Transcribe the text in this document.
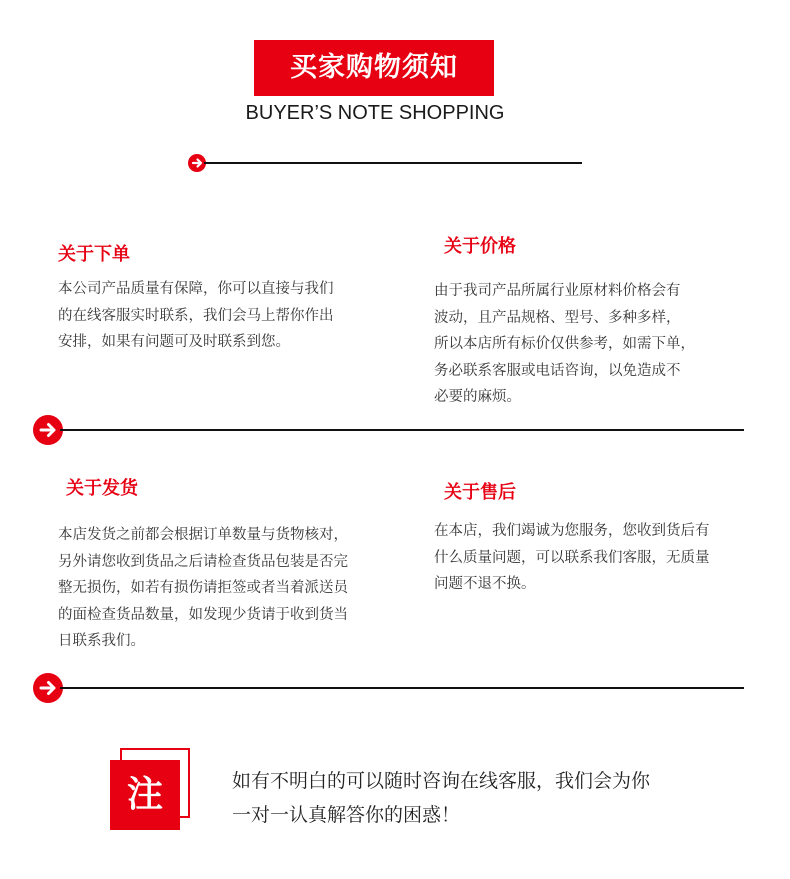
买家购物须知
BUYER’S NOTE SHOPPING
关于下单
本公司产品质量有保障，你可以直接与我们
的在线客服实时联系，我们会马上帮你作出
安排，如果有问题可及时联系到您。
关于价格
由于我司产品所属行业原材料价格会有
波动，且产品规格、型号、多种多样，
所以本店所有标价仅供参考，如需下单，
务必联系客服或电话咨询，以免造成不
必要的麻烦。
关于发货
本店发货之前都会根据订单数量与货物核对，
另外请您收到货品之后请检查货品包装是否完
整无损伤，如若有损伤请拒签或者当着派送员
的面检查货品数量，如发现少货请于收到货当
日联系我们。
关于售后
在本店，我们竭诚为您服务，您收到货后有
什么质量问题，可以联系我们客服，无质量
问题不退不换。
注	如有不明白的可以随时咨询在线客服，我们会为你
一对一认真解答你的困惑！
